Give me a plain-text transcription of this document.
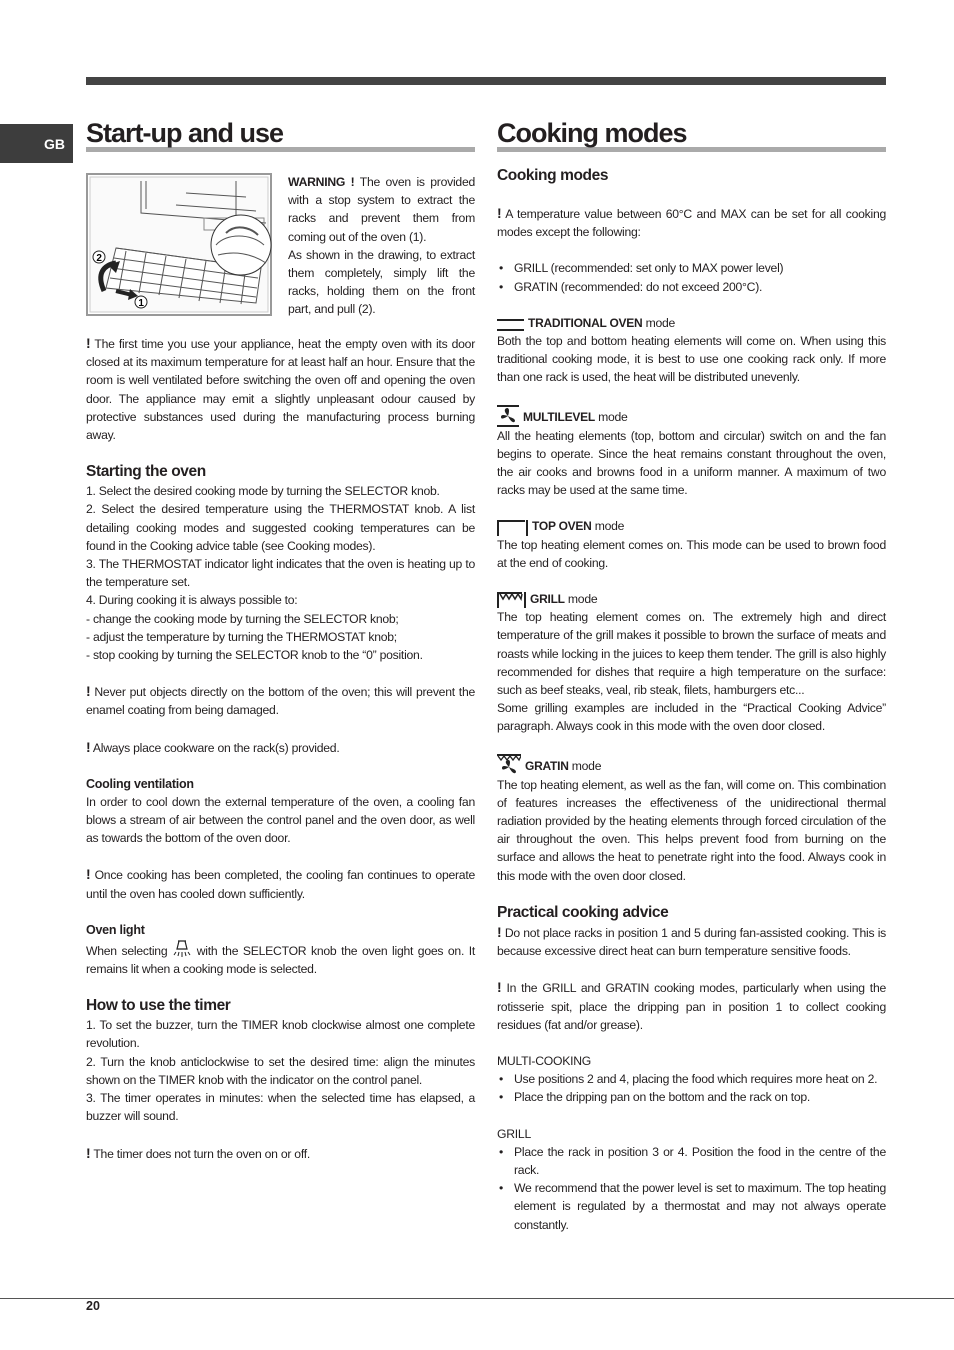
GB Start-up and use
2
1

WARNING ! The oven is provided with a stop system to extract the racks and prevent them from coming out of the oven (1).

As shown in the drawing, to extract them completely, simply lift the racks, holding them on the front part, and pull (2).

! The first time you use your appliance, heat the empty oven with its door closed at its maximum temperature for at least half an hour. Ensure that the room is well ventilated before switching the oven off and opening the oven door. The appliance may emit a slightly unpleasant odour caused by protective substances used during the manufacturing process burning away.

Starting the oven

1. Select the desired cooking mode by turning the SELECTOR knob.

2. Select the desired temperature using the THERMOSTAT knob. A list detailing cooking modes and suggested cooking temperatures can be found in the Cooking advice table (see Cooking modes).

3. The THERMOSTAT indicator light indicates that the oven is heating up to the temperature set.

4. During cooking it is always possible to:

- change the cooking mode by turning the SELECTOR knob;

- adjust the temperature by turning the THERMOSTAT knob;

- stop cooking by turning the SELECTOR knob to the “0” position.

! Never put objects directly on the bottom of the oven; this will prevent the enamel coating from being damaged.

! Always place cookware on the rack(s) provided.

Cooling ventilation

In order to cool down the external temperature of the oven, a cooling fan blows a stream of air between the control panel and the oven door, as well as towards the bottom of the oven door.

! Once cooking has been completed, the cooling fan continues to operate until the oven has cooled down sufficiently.

Oven light

When selecting with the SELECTOR knob the oven light goes on. It remains lit when a cooking mode is selected.

How to use the timer

1. To set the buzzer, turn the TIMER knob clockwise almost one complete revolution.

2. Turn the knob anticlockwise to set the desired time: align the minutes shown on the TIMER knob with the indicator on the control panel.

3. The timer operates in minutes: when the selected time has elapsed, a buzzer will sound.

! The timer does not turn the oven on or off.

Cooking modes
Cooking modes

! A temperature value between 60°C and MAX can be set for all cooking modes except the following:

• GRILL (recommended: set only to MAX power level)
• GRATIN (recommended: do not exceed 200°C).
TRADITIONAL OVEN mode

Both the top and bottom heating elements will come on. When using this traditional cooking mode, it is best to use one cooking rack only. If more than one rack is used, the heat will be distributed unevenly.

MULTILEVEL mode

All the heating elements (top, bottom and circular) switch on and the fan begins to operate. Since the heat remains constant throughout the oven, the air cooks and browns food in a uniform manner. A maximum of two racks may be used at the same time.

TOP OVEN mode

The top heating element comes on. This mode can be used to brown food at the end of cooking.

GRILL mode

The top heating element comes on. The extremely high and direct temperature of the grill makes it possible to brown the surface of meats and roasts while locking in the juices to keep them tender. The grill is also highly recommended for dishes that require a high temperature on the surface: such as beef steaks, veal, rib steak, filets, hamburgers etc...

Some grilling examples are included in the “Practical Cooking Advice” paragraph. Always cook in this mode with the oven door closed.

GRATIN mode

The top heating element, as well as the fan, will come on. This combination of features increases the effectiveness of the unidirectional thermal radiation provided by the heating elements through forced circulation of the air throughout the oven. This helps prevent food from burning on the surface and allows the heat to penetrate right into the food. Always cook in this mode with the oven door closed.

Practical cooking advice

! Do not place racks in position 1 and 5 during fan-assisted cooking. This is because excessive direct heat can burn temperature sensitive foods.

! In the GRILL and GRATIN cooking modes, particularly when using the rotisserie spit, place the dripping pan in position 1 to collect cooking residues (fat and/or grease).

MULTI-COOKING

• Use positions 2 and 4, placing the food which requires more heat on 2.
• Place the dripping pan on the bottom and the rack on top.

GRILL

• Place the rack in position 3 or 4. Position the food in the centre of the rack.
• We recommend that the power level is set to maximum. The top heating element is regulated by a thermostat and may not always operate constantly.
20
